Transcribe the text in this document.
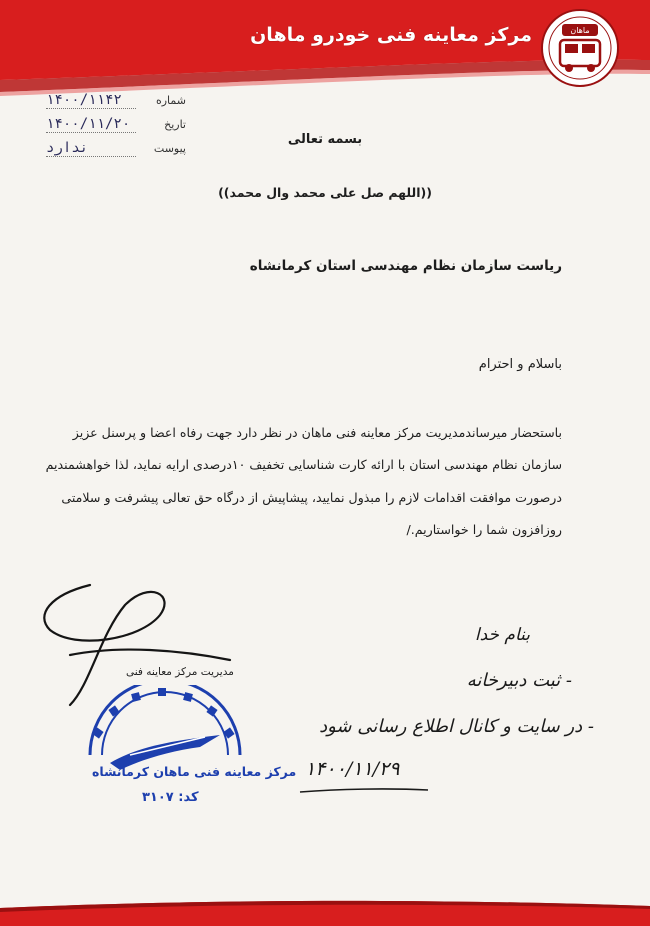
مرکز معاینه فنی خودرو ماهان	ماهان
شماره
۱۴۰۰/۱۱۴۲
تاریخ
۱۴۰۰/۱۱/۲۰
پیوست
ندارد	بسمه تعالی
((اللهم صل علی محمد وال محمد))
ریاست سازمان نظام مهندسی استان کرمانشاه
باسلام و احترام
باستحضار میرساندمدیریت مرکز معاینه فنی ماهان در نظر دارد جهت رفاه اعضا و پرسنل عزیز
سازمان نظام مهندسی استان با ارائه کارت شناسایی تخفیف ۱۰درصدی ارایه نماید، لذا خواهشمندیم
درصورت موافقت اقدامات لازم را مبذول نمایید، پیشاپیش از درگاه حق تعالی پیشرفت و سلامتی
روزافزون شما را خواستاریم./
مدیریت مرکز معاینه فنی
مرکز معاینه فنی ماهان کرمانشاه
کد: ۳۱۰۷
بنام خدا
- ثبت دبیرخانه
- در سایت و کانال اطلاع رسانی شود
۱۴۰۰/۱۱/۲۹
